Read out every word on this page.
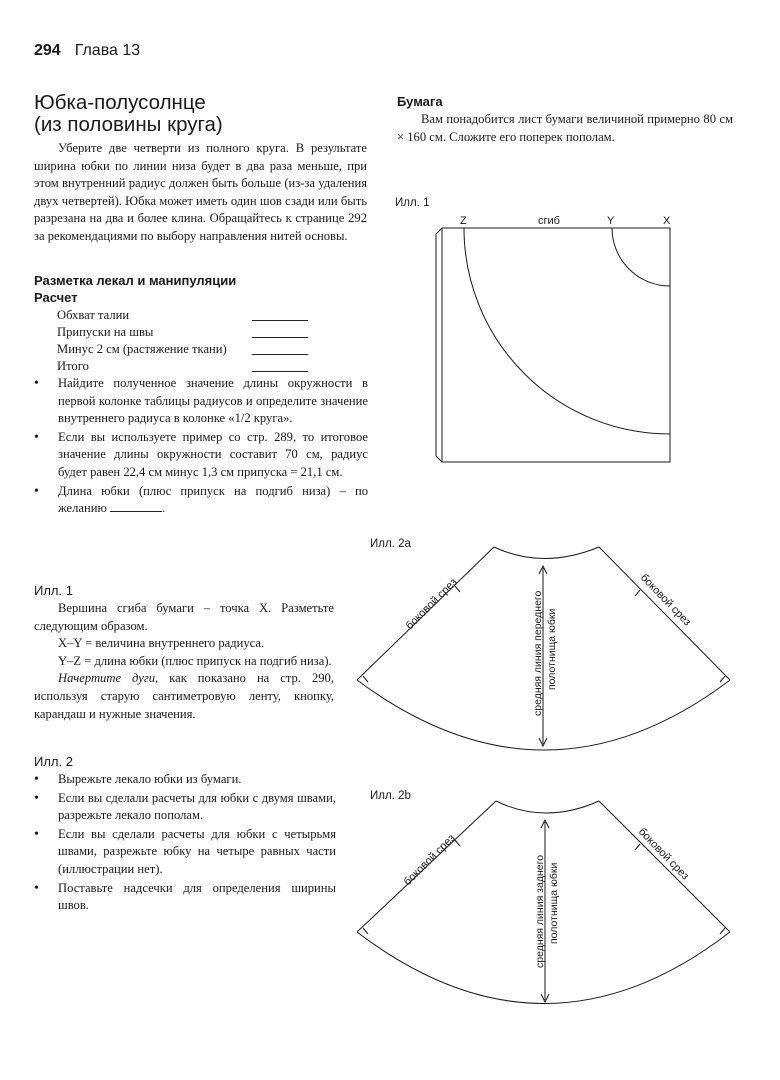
294 Глава 13
Юбка-полусолнце
(из половины круга)
Уберите две четверти из полного круга. В результате ширина юбки по линии низа будет в два раза меньше, при этом внутренний радиус должен быть больше (из-за удаления двух четвертей). Юбка может иметь один шов сзади или быть разрезана на два и более клина. Обращайтесь к странице 292 за рекомендациями по выбору направления нитей основы.
Разметка лекал и манипуляции
Расчет
Обхват талии
Припуски на швы
Минус 2 см (растяжение ткани)
Итого
• Найдите полученное значение длины окружности в первой колонке таблицы радиусов и определите значение внутреннего радиуса в колонке «1/2 круга».
• Если вы используете пример со стр. 289, то итоговое значение длины окружности составит 70 см, радиус будет равен 22,4 см минус 1,3 см припуска = 21,1 см.
• Длина юбки (плюс припуск на подгиб низа) – по желанию	.
Илл. 1

Вершина сгиба бумаги – точка X. Разметьте следующим образом.

X–Y = величина внутреннего радиуса.

Y–Z = длина юбки (плюс припуск на подгиб низа).

Начертите дуги, как показано на стр. 290, используя старую сантиметровую ленту, кнопку, карандаш и нужные значения.

Илл. 2
• Вырежьте лекало юбки из бумаги.
• Если вы сделали расчеты для юбки с двумя швами, разрежьте лекало пополам.
• Если вы сделали расчеты для юбки с четырьмя швами, разрежьте юбку на четыре равных части (иллюстрации нет).
• Поставьте надсечки для определения ширины швов.
Бумага
Вам понадобится лист бумаги величиной примерно 80 см × 160 см. Сложите его поперек пополам.
Илл. 1
Илл. 2а
Илл. 2b
Z	сгиб	Y	X
боковой срез	боковой срез
средняя линия переднего полотнища юбки
боковой срез	боковой срез
средняя линия заднего полотнища юбки
